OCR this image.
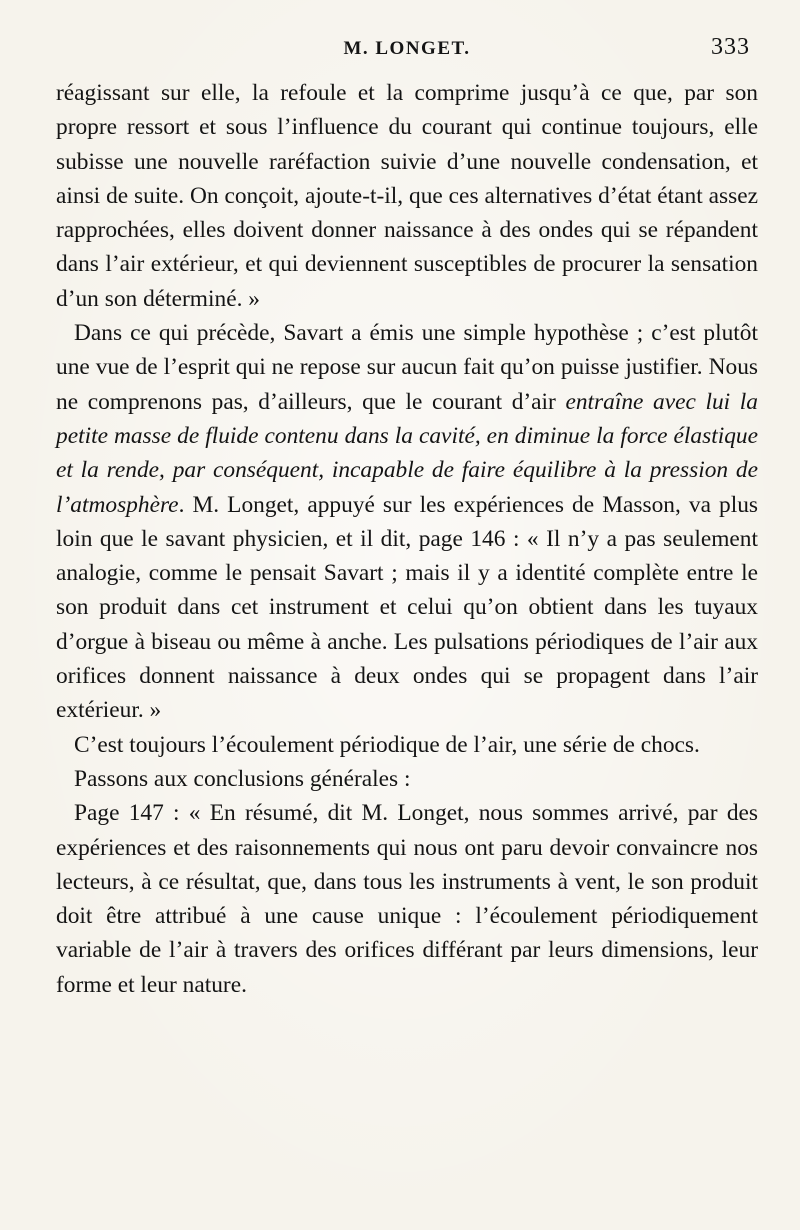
M. LONGET.	333

réagissant sur elle, la refoule et la comprime jusqu’à ce que, par son propre ressort et sous l’influence du courant qui continue toujours, elle subisse une nouvelle raréfaction suivie d’une nouvelle condensation, et ainsi de suite. On conçoit, ajoute-t-il, que ces alternatives d’état étant assez rapprochées, elles doivent donner naissance à des ondes qui se répandent dans l’air extérieur, et qui deviennent susceptibles de procurer la sensation d’un son déterminé. »

Dans ce qui précède, Savart a émis une simple hypothèse ; c’est plutôt une vue de l’esprit qui ne repose sur aucun fait qu’on puisse justifier. Nous ne comprenons pas, d’ailleurs, que le courant d’air entraîne avec lui la petite masse de fluide contenu dans la cavité, en diminue la force élastique et la rende, par conséquent, incapable de faire équilibre à la pression de l’atmosphère. M. Longet, appuyé sur les expériences de Masson, va plus loin que le savant physicien, et il dit, page 146 : « Il n’y a pas seulement analogie, comme le pensait Savart ; mais il y a identité complète entre le son produit dans cet instrument et celui qu’on obtient dans les tuyaux d’orgue à biseau ou même à anche. Les pulsations périodiques de l’air aux orifices donnent naissance à deux ondes qui se propagent dans l’air extérieur. »

C’est toujours l’écoulement périodique de l’air, une série de chocs.

Passons aux conclusions générales :

Page 147 : « En résumé, dit M. Longet, nous sommes arrivé, par des expériences et des raisonnements qui nous ont paru devoir convaincre nos lecteurs, à ce résultat, que, dans tous les instruments à vent, le son produit doit être attribué à une cause unique : l’écoulement périodiquement variable de l’air à travers des orifices différant par leurs dimensions, leur forme et leur nature.
